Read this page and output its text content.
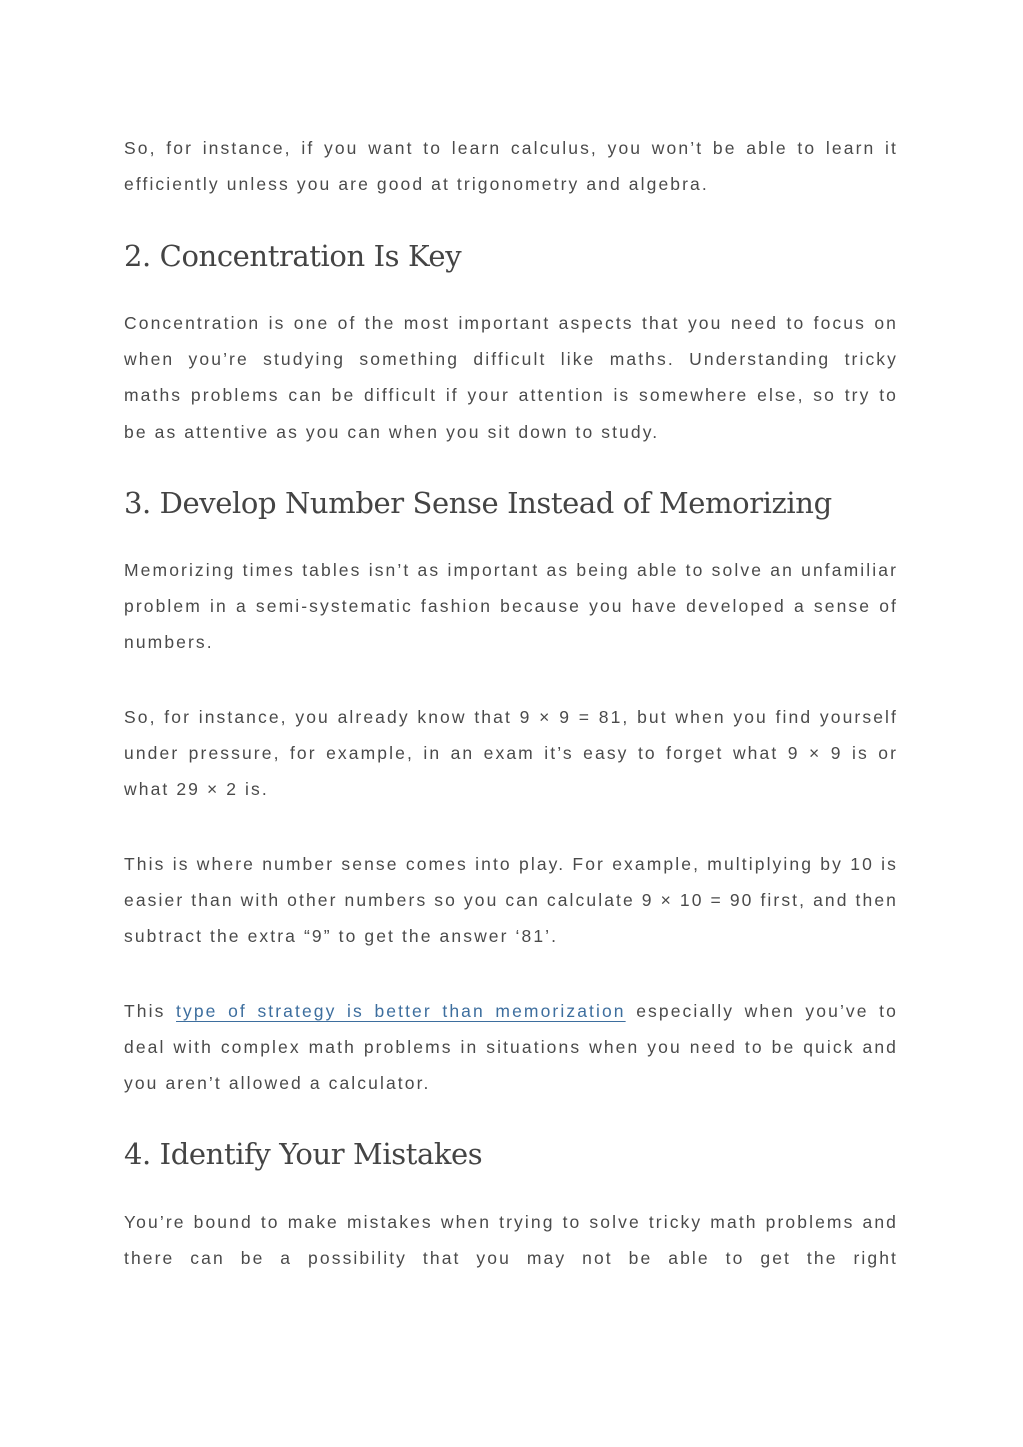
So, for instance, if you want to learn calculus, you won’t be able to learn it efficiently unless you are good at trigonometry and algebra.

2. Concentration Is Key

Concentration is one of the most important aspects that you need to focus on when you’re studying something difficult like maths. Understanding tricky maths problems can be difficult if your attention is somewhere else, so try to be as attentive as you can when you sit down to study.

3. Develop Number Sense Instead of Memorizing

Memorizing times tables isn’t as important as being able to solve an unfamiliar problem in a semi-systematic fashion because you have developed a sense of numbers.

So, for instance, you already know that 9 × 9 = 81, but when you find yourself under pressure, for example, in an exam it’s easy to forget what 9 × 9 is or what 29 × 2 is.

This is where number sense comes into play. For example, multiplying by 10 is easier than with other numbers so you can calculate 9 × 10 = 90 first, and then subtract the extra “9” to get the answer ‘81’.

This type of strategy is better than memorization especially when you’ve to deal with complex math problems in situations when you need to be quick and you aren’t allowed a calculator.

4. Identify Your Mistakes

You’re bound to make mistakes when trying to solve tricky math problems and there can be a possibility that you may not be able to get the right
